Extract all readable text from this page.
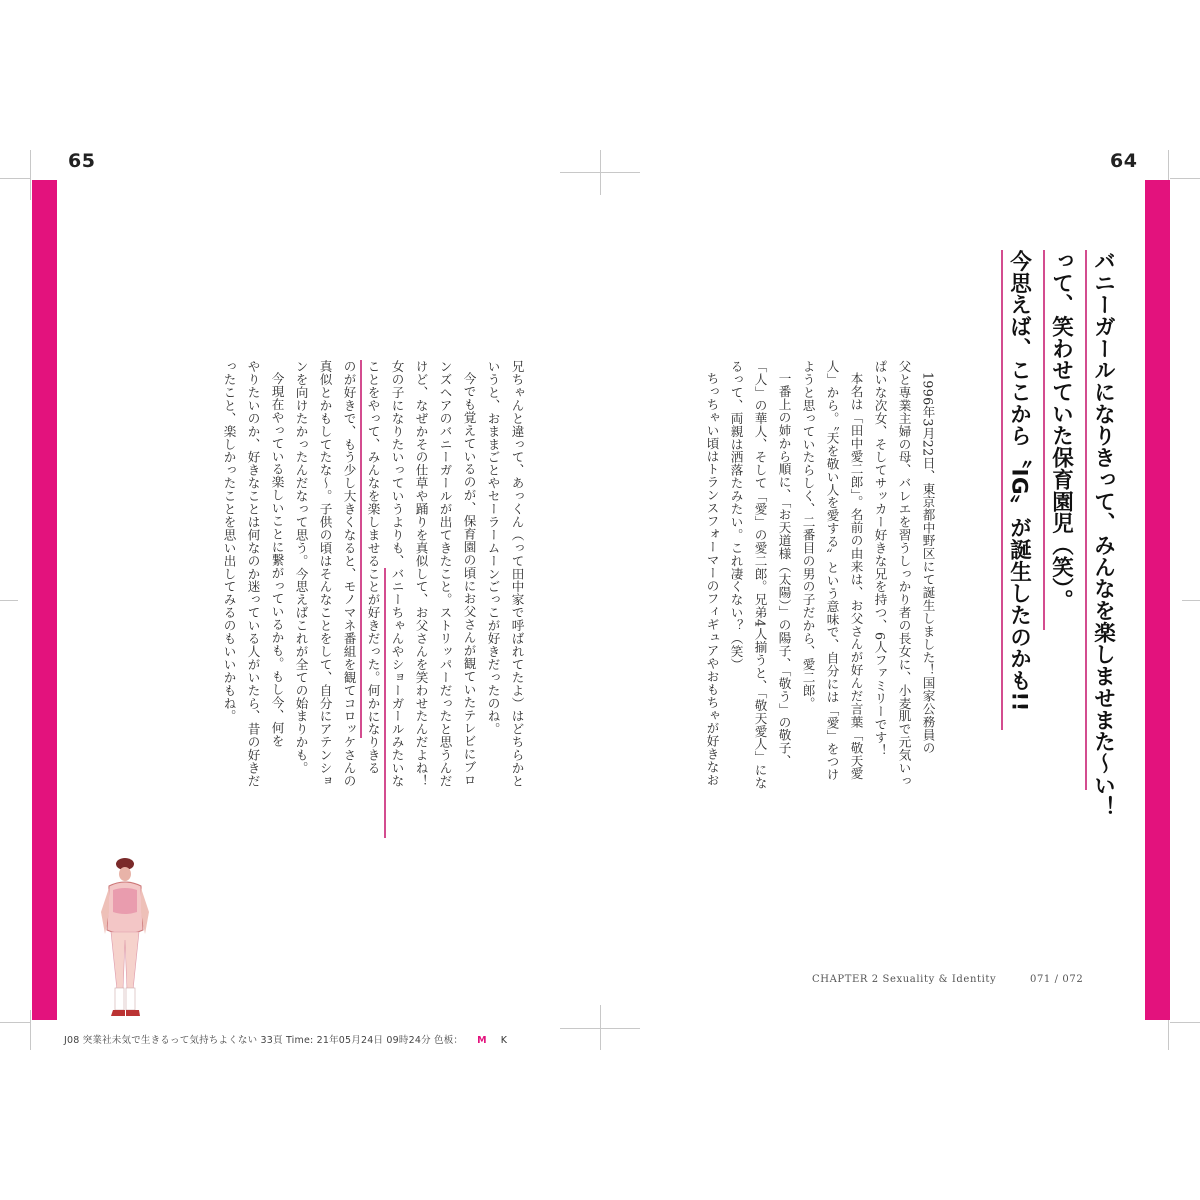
65	64
バニーガールになりきって、みんなを楽しませまた～い！
って、笑わせていた保育園児（笑）。
今思えば、ここから〝IG〟が誕生したのかも!!
1996年3月22日、東京都中野区にて誕生しました！国家公務員の
父と専業主婦の母、バレエを習うしっかり者の長女に、小麦肌で元気いっ
ぱいな次女、そしてサッカー好きな兄を持つ、6人ファミリーです！
本名は「田中愛二郎」。名前の由来は、お父さんが好んだ言葉「敬天愛
人」から。〝天を敬い人を愛する〟という意味で、自分には「愛」をつけ
ようと思っていたらしく、二番目の男の子だから、愛二郎。
一番上の姉から順に、「お天道様（太陽）」の陽子、「敬う」の敬子、
「人」の華人、そして「愛」の愛二郎。兄弟4人揃うと、「敬天愛人」にな
るって、両親は洒落たみたい。これ凄くない？（笑）
ちっちゃい頃はトランスフォーマーのフィギュアやおもちゃが好きなお
兄ちゃんと違って、あっくん（って田中家で呼ばれてたよ）はどちらかと
いうと、おままごとやセーラームーンごっこが好きだったのね。
今でも覚えているのが、保育園の頃にお父さんが観ていたテレビにブロ
ンズヘアのバニーガールが出てきたこと。ストリッパーだったと思うんだ
けど、なぜかその仕草や踊りを真似して、お父さんを笑わせたんだよね！
女の子になりたいっていうよりも、バニーちゃんやショーガールみたいな
ことをやって、みんなを楽しませることが好きだった。何かになりきる
のが好きで、もう少し大きくなると、モノマネ番組を観てコロッケさんの
真似とかもしてたな～。子供の頃はそんなことをして、自分にアテンショ
ンを向けたかったんだなって思う。今思えばこれが全ての始まりかも。
今現在やっている楽しいことに繋がっているかも。もし今、何を
やりたいのか、好きなことは何なのか迷っている人がいたら、昔の好きだ
ったこと、楽しかったことを思い出してみるのもいいかもね。
CHAPTER 2 Sexuality & Identity	071 / 072
J08 突業社未気で生きるって気持ちよくない 33頁 Time: 21年05月24日 09時24分 色板： M K
